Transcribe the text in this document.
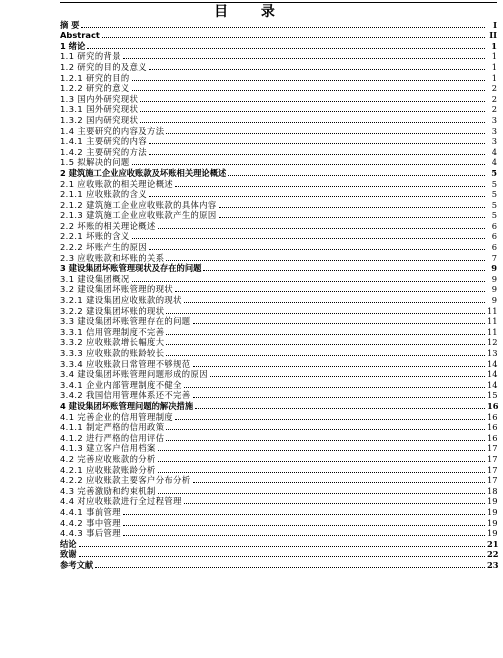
目 录
摘 要	I
Abstract	II
1 绪论	1
1.1 研究的背景	1
1.2 研究的目的及意义	1
1.2.1 研究的目的	1
1.2.2 研究的意义	2
1.3 国内外研究现状	2
1.3.1 国外研究现状	2
1.3.2 国内研究现状	3
1.4 主要研究的内容及方法	3
1.4.1 主要研究的内容	3
1.4.2 主要研究的方法	4
1.5 拟解决的问题	4
2 建筑施工企业应收账款及坏账相关理论概述	5
2.1 应收账款的相关理论概述	5
2.1.1 应收账款的含义	5
2.1.2 建筑施工企业应收账款的具体内容	5
2.1.3 建筑施工企业应收账款产生的原因	5
2.2 坏账的相关理论概述	6
2.2.1 坏账的含义	6
2.2.2 坏账产生的原因	6
2.3 应收账款和坏账的关系	7
3 建设集团坏账管理现状及存在的问题	9
3.1 建设集团概况	9
3.2 建设集团坏账管理的现状	9
3.2.1 建设集团应收账款的现状	9
3.2.2 建设集团坏账的现状	11
3.3 建设集团坏账管理存在的问题	11
3.3.1 信用管理制度不完善	11
3.3.2 应收账款增长幅度大	12
3.3.3 应收账款的账龄较长	13
3.3.4 应收账款日常管理不够规范	14
3.4 建设集团坏账管理问题形成的原因	14
3.4.1 企业内部管理制度不健全	14
3.4.2 我国信用管理体系还不完善	15
4 建设集团坏账管理问题的解决措施	16
4.1 完善企业的信用管理制度	16
4.1.1 制定严格的信用政策	16
4.1.2 进行严格的信用评估	16
4.1.3 建立客户信用档案	17
4.2 完善应收账款的分析	17
4.2.1 应收账款账龄分析	17
4.2.2 应收账款主要客户分布分析	17
4.3 完善激励和约束机制	18
4.4 对应收账款进行全过程管理	19
4.4.1 事前管理	19
4.4.2 事中管理	19
4.4.3 事后管理	19
结论	21
致谢	22
参考文献	23
